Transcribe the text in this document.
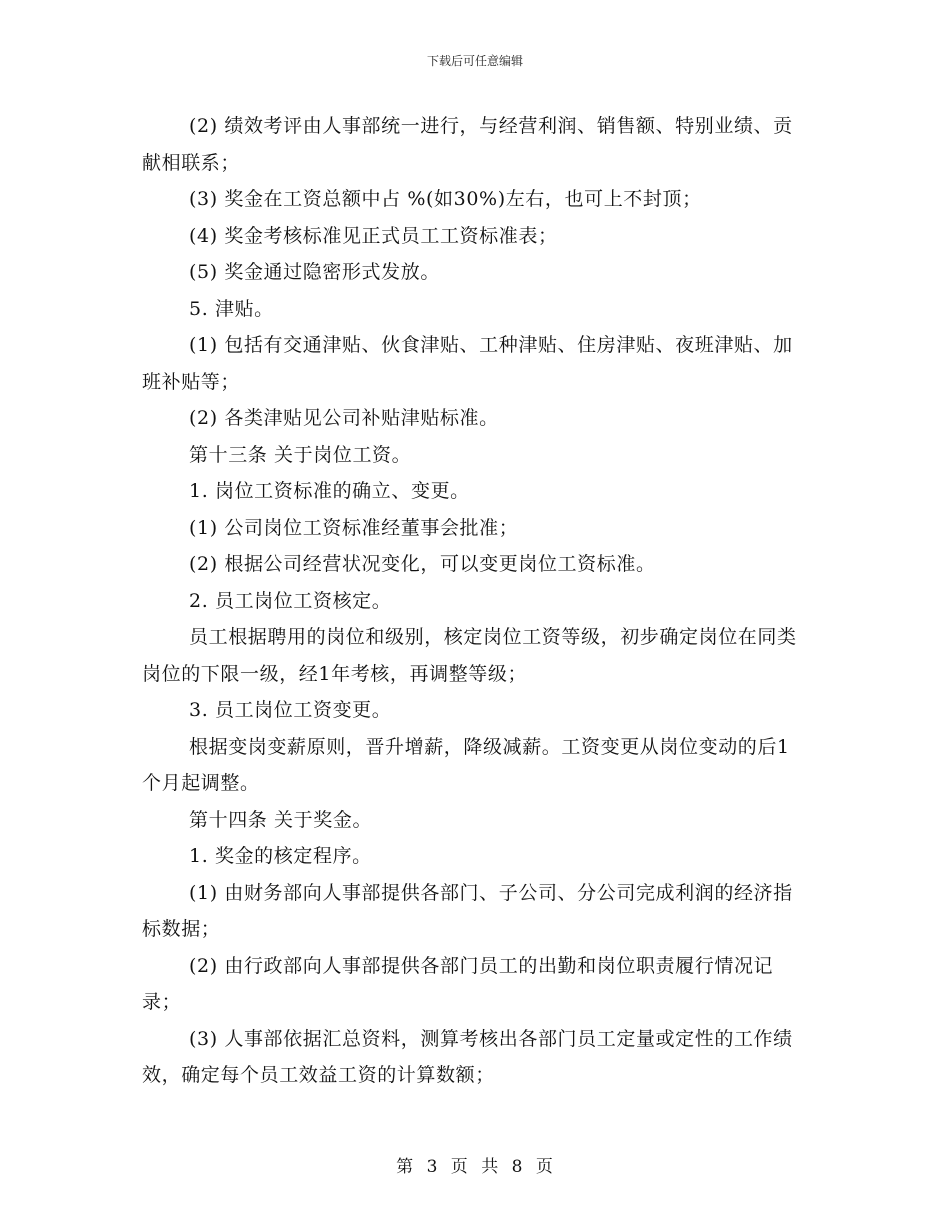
下载后可任意编辑

(2) 绩效考评由人事部统一进行，与经营利润、销售额、特别业绩、贡献相联系；

(3) 奖金在工资总额中占 %(如30%)左右，也可上不封顶；

(4) 奖金考核标准见正式员工工资标准表；

(5) 奖金通过隐密形式发放。

5. 津贴。

(1) 包括有交通津贴、伙食津贴、工种津贴、住房津贴、夜班津贴、加班补贴等；

(2) 各类津贴见公司补贴津贴标准。

第十三条 关于岗位工资。

1. 岗位工资标准的确立、变更。

(1) 公司岗位工资标准经董事会批准；

(2) 根据公司经营状况变化，可以变更岗位工资标准。

2. 员工岗位工资核定。

员工根据聘用的岗位和级别，核定岗位工资等级，初步确定岗位在同类岗位的下限一级，经1年考核，再调整等级；

3. 员工岗位工资变更。

根据变岗变薪原则，晋升增薪，降级减薪。工资变更从岗位变动的后1个月起调整。

第十四条 关于奖金。

1. 奖金的核定程序。

(1) 由财务部向人事部提供各部门、子公司、分公司完成利润的经济指标数据；

(2) 由行政部向人事部提供各部门员工的出勤和岗位职责履行情况记录；

(3) 人事部依据汇总资料，测算考核出各部门员工定量或定性的工作绩效，确定每个员工效益工资的计算数额；

第 3 页 共 8 页
